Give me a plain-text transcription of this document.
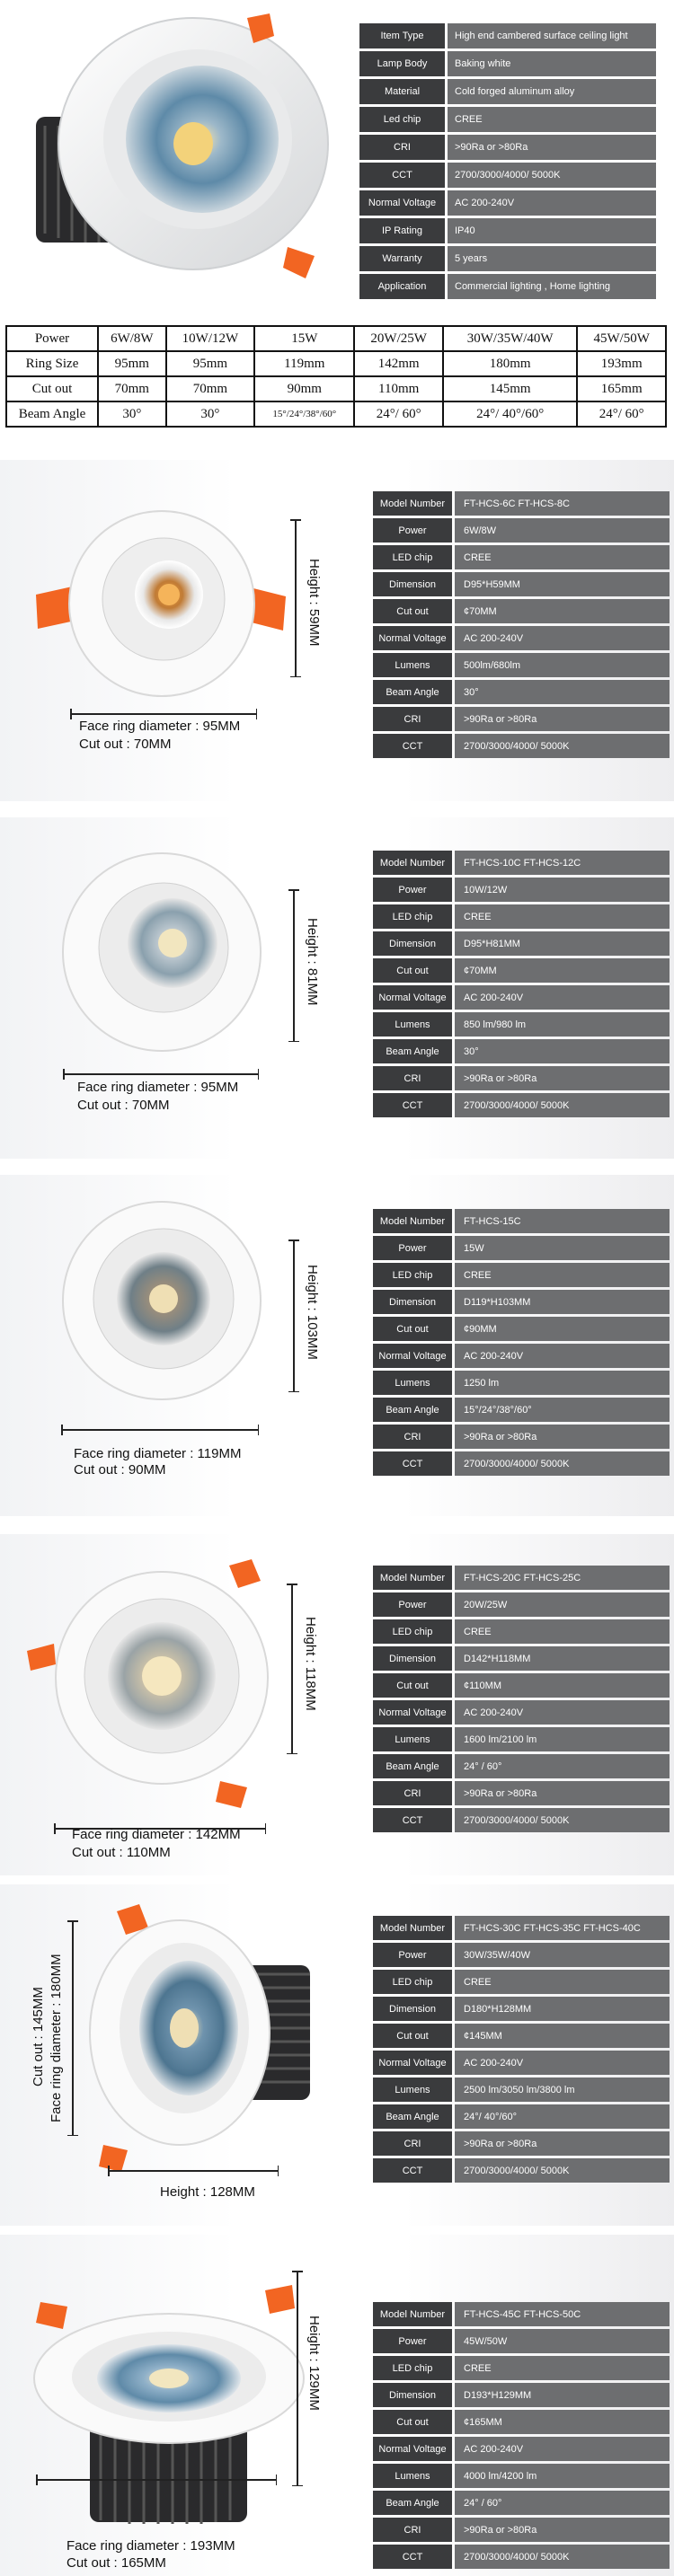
Item Type	High end cambered surface ceiling light
Lamp Body	Baking white
Material	Cold forged aluminum alloy
Led chip	CREE
CRI	>90Ra or >80Ra
CCT	2700/3000/4000/ 5000K
Normal Voltage	AC 200-240V
IP Rating	IP40
Warranty	5 years
Application	Commercial lighting , Home lighting
Power	6W/8W	10W/12W	15W	20W/25W	30W/35W/40W	45W/50W
Ring Size	95mm	95mm	119mm	142mm	180mm	193mm
Cut out	70mm	70mm	90mm	110mm	145mm	165mm
Beam Angle	30°	30°	15°/24°/38°/60°	24°/ 60°	24°/ 40°/60°	24°/ 60°
Height : 59MM
Face ring diameter : 95MM
Cut out : 70MM
Model Number	FT-HCS-6C FT-HCS-8C
Power	6W/8W
LED chip	CREE
Dimension	D95*H59MM
Cut out	¢70MM
Normal Voltage	AC 200-240V
Lumens	500lm/680lm
Beam Angle	30°
CRI	>90Ra or >80Ra
CCT	2700/3000/4000/ 5000K
Height : 81MM
Face ring diameter : 95MM
Cut out : 70MM
Model Number	FT-HCS-10C FT-HCS-12C
Power	10W/12W
LED chip	CREE
Dimension	D95*H81MM
Cut out	¢70MM
Normal Voltage	AC 200-240V
Lumens	850 lm/980 lm
Beam Angle	30°
CRI	>90Ra or >80Ra
CCT	2700/3000/4000/ 5000K
Height : 103MM
Face ring diameter : 119MM
Cut out : 90MM
Model Number	FT-HCS-15C
Power	15W
LED chip	CREE
Dimension	D119*H103MM
Cut out	¢90MM
Normal Voltage	AC 200-240V
Lumens	1250 lm
Beam Angle	15°/24°/38°/60°
CRI	>90Ra or >80Ra
CCT	2700/3000/4000/ 5000K
Height : 118MM
Face ring diameter : 142MM
Cut out : 110MM
Model Number	FT-HCS-20C FT-HCS-25C
Power	20W/25W
LED chip	CREE
Dimension	D142*H118MM
Cut out	¢110MM
Normal Voltage	AC 200-240V
Lumens	1600 lm/2100 lm
Beam Angle	24° / 60°
CRI	>90Ra or >80Ra
CCT	2700/3000/4000/ 5000K
Face ring diameter : 180MM
Cut out : 145MM
Height : 128MM
Model Number	FT-HCS-30C FT-HCS-35C FT-HCS-40C
Power	30W/35W/40W
LED chip	CREE
Dimension	D180*H128MM
Cut out	¢145MM
Normal Voltage	AC 200-240V
Lumens	2500 lm/3050 lm/3800 lm
Beam Angle	24°/ 40°/60°
CRI	>90Ra or >80Ra
CCT	2700/3000/4000/ 5000K
Height : 129MM
Face ring diameter : 193MM
Cut out : 165MM
Model Number	FT-HCS-45C FT-HCS-50C
Power	45W/50W
LED chip	CREE
Dimension	D193*H129MM
Cut out	¢165MM
Normal Voltage	AC 200-240V
Lumens	4000 lm/4200 lm
Beam Angle	24° / 60°
CRI	>90Ra or >80Ra
CCT	2700/3000/4000/ 5000K
